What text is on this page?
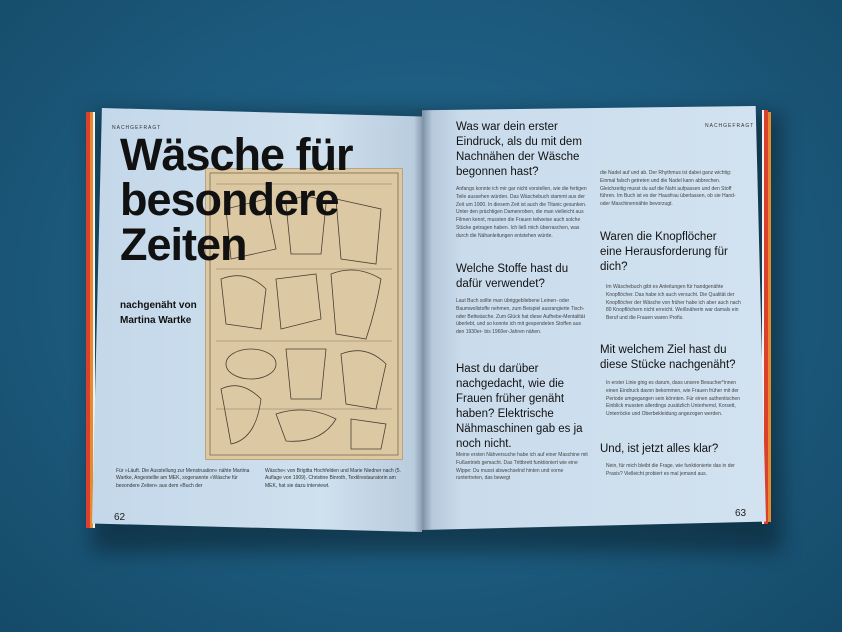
NACHGEFRAGT
Wäsche für
besondere
Zeiten
nachgenäht von
Martina Wartke
Für »Läuft. Die Ausstellung zur Menstruation« nähte Martina Wartke, Angestellte am MEK, sogenannte »Wäsche für besondere Zeiten« aus dem »Buch der
Wäsche« von Brigitta Hochfelden und Marie Niedner nach (5. Auflage von 1909). Christine Binroth, Textilrestauratorin am MEK, hat sie dazu interviewt.
62
NACHGEFRAGT
Was war dein erster Eindruck, als du mit dem Nachnähen der Wäsche begonnen hast?
Anfangs konnte ich mir gar nicht vorstellen, wie die fertigen Teile aussehen würden. Das Wäschebuch stammt aus der Zeit um 1900. In diesem Zeit ist auch die Titanic gesunken. Unter den prächtigen Damenroben, die man vielleicht aus Filmen kennt, mussten die Frauen teilweise auch solche Stücke getragen haben. Ich ließ mich überraschen, was durch die Nähanleitungen entstehen würde.
Welche Stoffe hast du dafür verwendet?
Laut Buch sollte man übriggebliebene Leinen- oder Baumwollstoffe nehmen, zum Beispiel ausrangierte Tisch- oder Bettwäsche. Zum Glück hat diese Aufhebe-Mentalität überlebt, und so konnte ich mit gespendeten Stoffen aus den 1930er- bis 1960er-Jahren nähen.
Hast du darüber nachgedacht, wie die Frauen früher genäht haben? Elektrische Nähmaschinen gab es ja noch nicht.
Meine ersten Nähversuche habe ich auf einer Maschine mit Fußantrieb gemacht. Das Trittbrett funktioniert wie eine Wippe: Du musst abwechselnd hinten und vorne runtertreten, das bewegt
die Nadel auf und ab. Der Rhythmus ist dabei ganz wichtig: Einmal falsch getreten und die Nadel kann abbrechen. Gleichzeitig musst du auf die Naht aufpassen und den Stoff führen. Im Buch ist es der Hausfrau überlassen, ob sie Hand- oder Maschinennähte bevorzugt.
Waren die Knopflöcher eine Herausforderung für dich?
Im Wäschebuch gibt es Anleitungen für handgenähte Knopflöcher. Das habe ich auch versucht. Die Qualität der Knopflöcher der Wäsche von früher habe ich aber auch nach 80 Knopflöchern nicht erreicht. Weißnäherin war damals ein Beruf und die Frauen waren Profis.
Mit welchem Ziel hast du diese Stücke nachgenäht?
In erster Linie ging es darum, dass unsere Besucher*innen einen Eindruck davon bekommen, wie Frauen früher mit der Periode umgegangen sein könnten. Für einen authentischen Einblick mussten allerdings zusätzlich Unterhemd, Korsett, Unterröcke und Oberbekleidung angezogen werden.
Und, ist jetzt alles klar?
Nein, für mich bleibt die Frage, wie funktionierte das in der Praxis? Vielleicht probiert es mal jemand aus.
63
